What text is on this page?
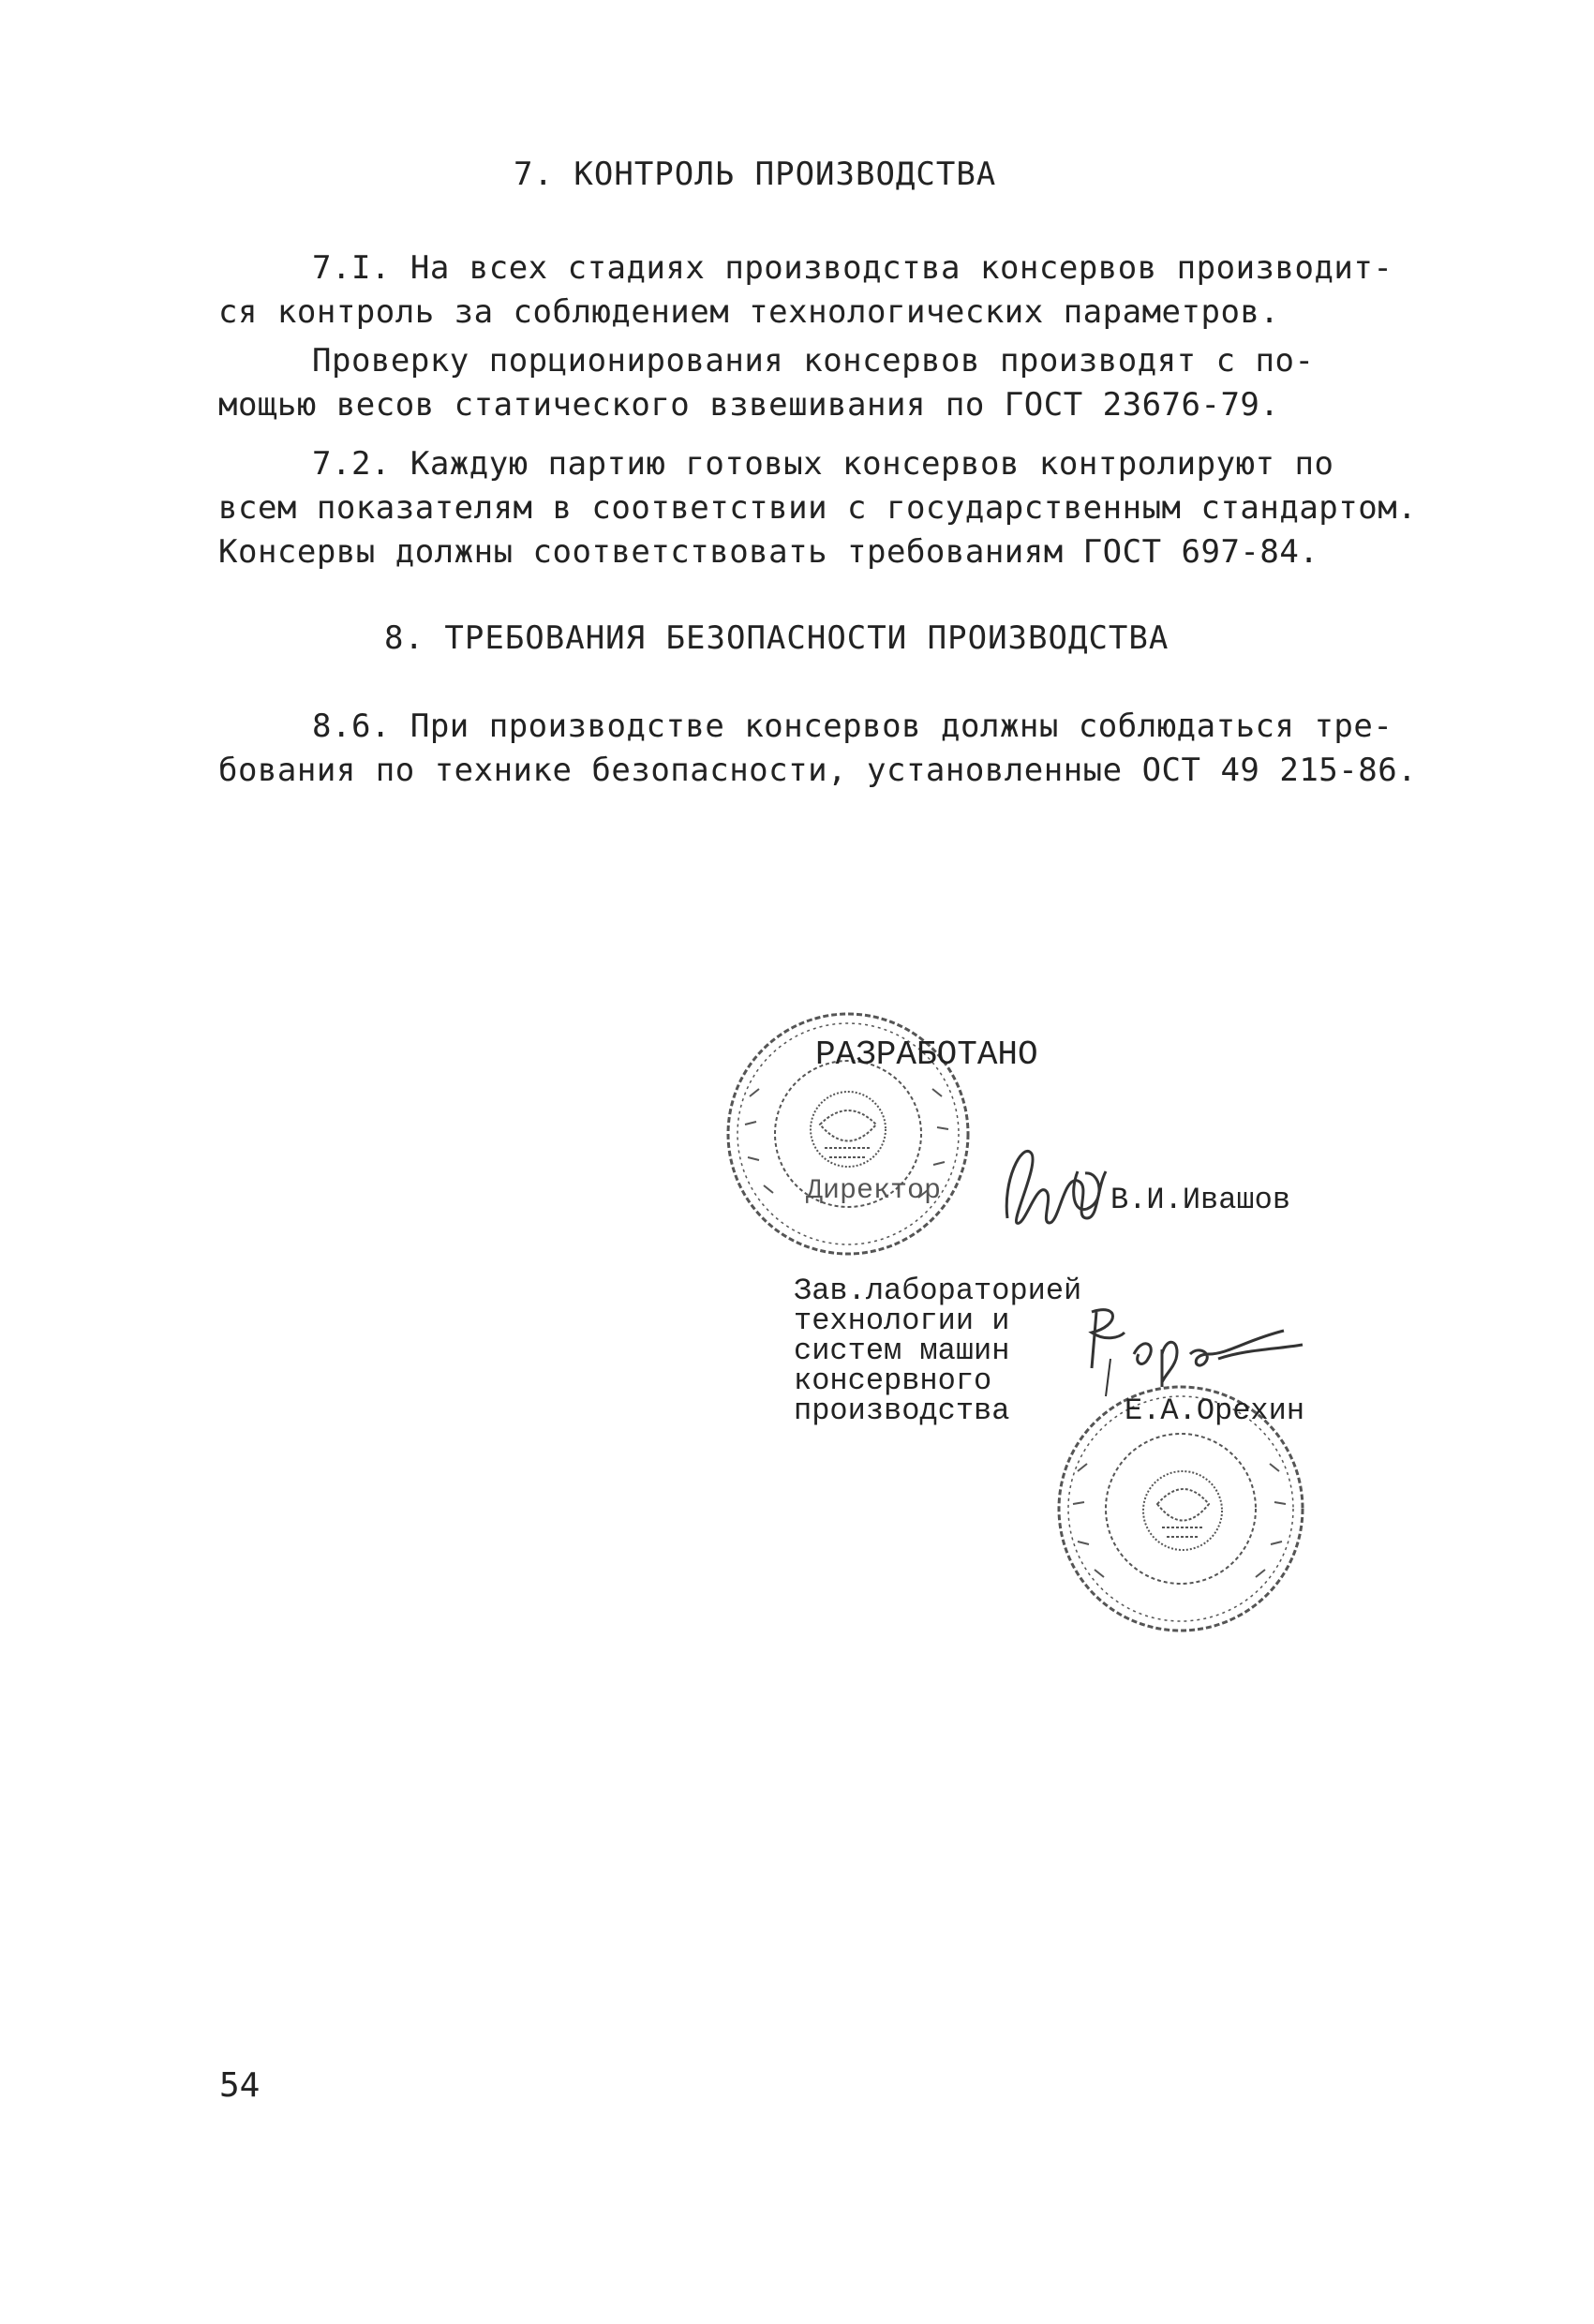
7. КОНТРОЛЬ ПРОИЗВОДСТВА
7.I. На всех стадиях производства консервов производит-
ся контроль за соблюдением технологических параметров.
Проверку порционирования консервов производят с по-
мощью весов статического взвешивания по ГОСТ 23676-79.
7.2. Каждую партию готовых консервов контролируют по
всем показателям в соответствии с государственным стандартом.
Консервы должны соответствовать требованиям ГОСТ 697-84.
8. ТРЕБОВАНИЯ БЕЗОПАСНОСТИ ПРОИЗВОДСТВА
8.6. При производстве консервов должны соблюдаться тре-
бования по технике безопасности, установленные ОСТ 49 215-86.
РАЗРАБОТАНО
Директор	В.И.Ивашов
Зав.лабораторией
технологии и
систем машин
консервного
производства	Е.А.Орехин
54
